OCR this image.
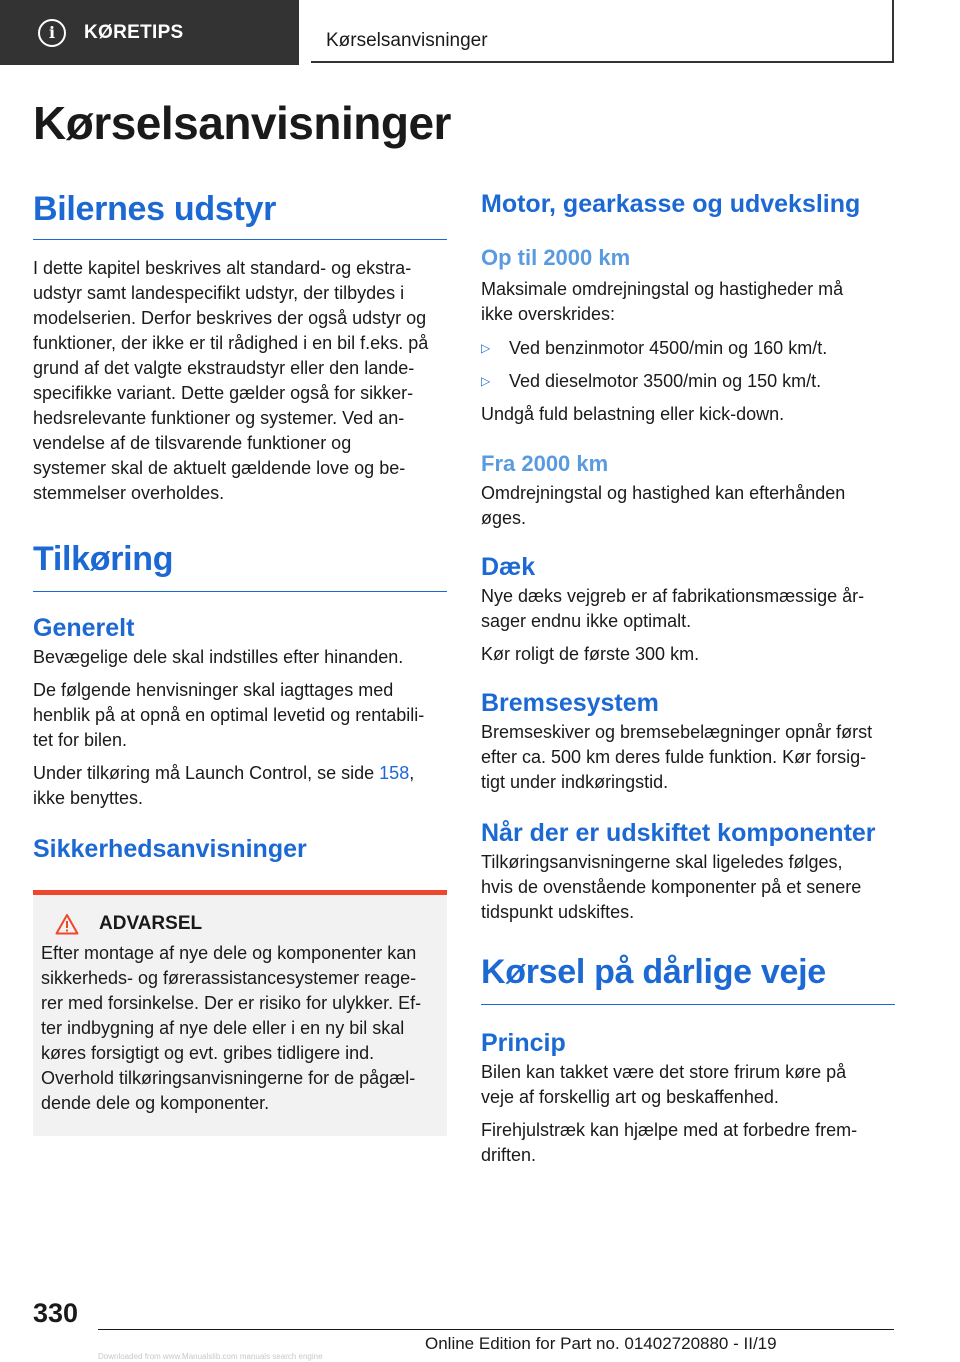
i	KØRETIPS	Kørselsanvisninger
Kørselsanvisninger
Bilernes udstyr

I dette kapitel beskrives alt standard- og ekstra-
udstyr samt landespecifikt udstyr, der tilbydes i
modelserien. Derfor beskrives der også udstyr og
funktioner, der ikke er til rådighed i en bil f.eks. på
grund af det valgte ekstraudstyr eller den lande-
specifikke variant. Dette gælder også for sikker-
hedsrelevante funktioner og systemer. Ved an-
vendelse af de tilsvarende funktioner og
systemer skal de aktuelt gældende love og be-
stemmelser overholdes.

Tilkøring
Generelt

Bevægelige dele skal indstilles efter hinanden.

De følgende henvisninger skal iagttages med
henblik på at opnå en optimal levetid og rentabili-
tet for bilen.

Under tilkøring må Launch Control, se side 158,
ikke benyttes.

Sikkerhedsanvisninger
ADVARSEL

Efter montage af nye dele og komponenter kan
sikkerheds- og førerassistancesystemer reage-
rer med forsinkelse. Der er risiko for ulykker. Ef-
ter indbygning af nye dele eller i en ny bil skal
køres forsigtigt og evt. gribes tidligere ind.
Overhold tilkøringsanvisningerne for de pågæl-
dende dele og komponenter.

Motor, gearkasse og udveksling
Op til 2000 km

Maksimale omdrejningstal og hastigheder må
ikke overskrides:

▷ Ved benzinmotor 4500/min og 160 km/t.
▷ Ved dieselmotor 3500/min og 150 km/t.

Undgå fuld belastning eller kick-down.

Fra 2000 km

Omdrejningstal og hastighed kan efterhånden
øges.

Dæk

Nye dæks vejgreb er af fabrikationsmæssige år-
sager endnu ikke optimalt.

Kør roligt de første 300 km.

Bremsesystem

Bremseskiver og bremsebelægninger opnår først
efter ca. 500 km deres fulde funktion. Kør forsig-
tigt under indkøringstid.

Når der er udskiftet komponenter

Tilkøringsanvisningerne skal ligeledes følges,
hvis de ovenstående komponenter på et senere
tidspunkt udskiftes.

Kørsel på dårlige veje
Princip

Bilen kan takket være det store frirum køre på
veje af forskellig art og beskaffenhed.

Firehjulstræk kan hjælpe med at forbedre frem-
driften.

330
Online Edition for Part no. 01402720880 - II/19
Downloaded from www.Manualslib.com manuals search engine
